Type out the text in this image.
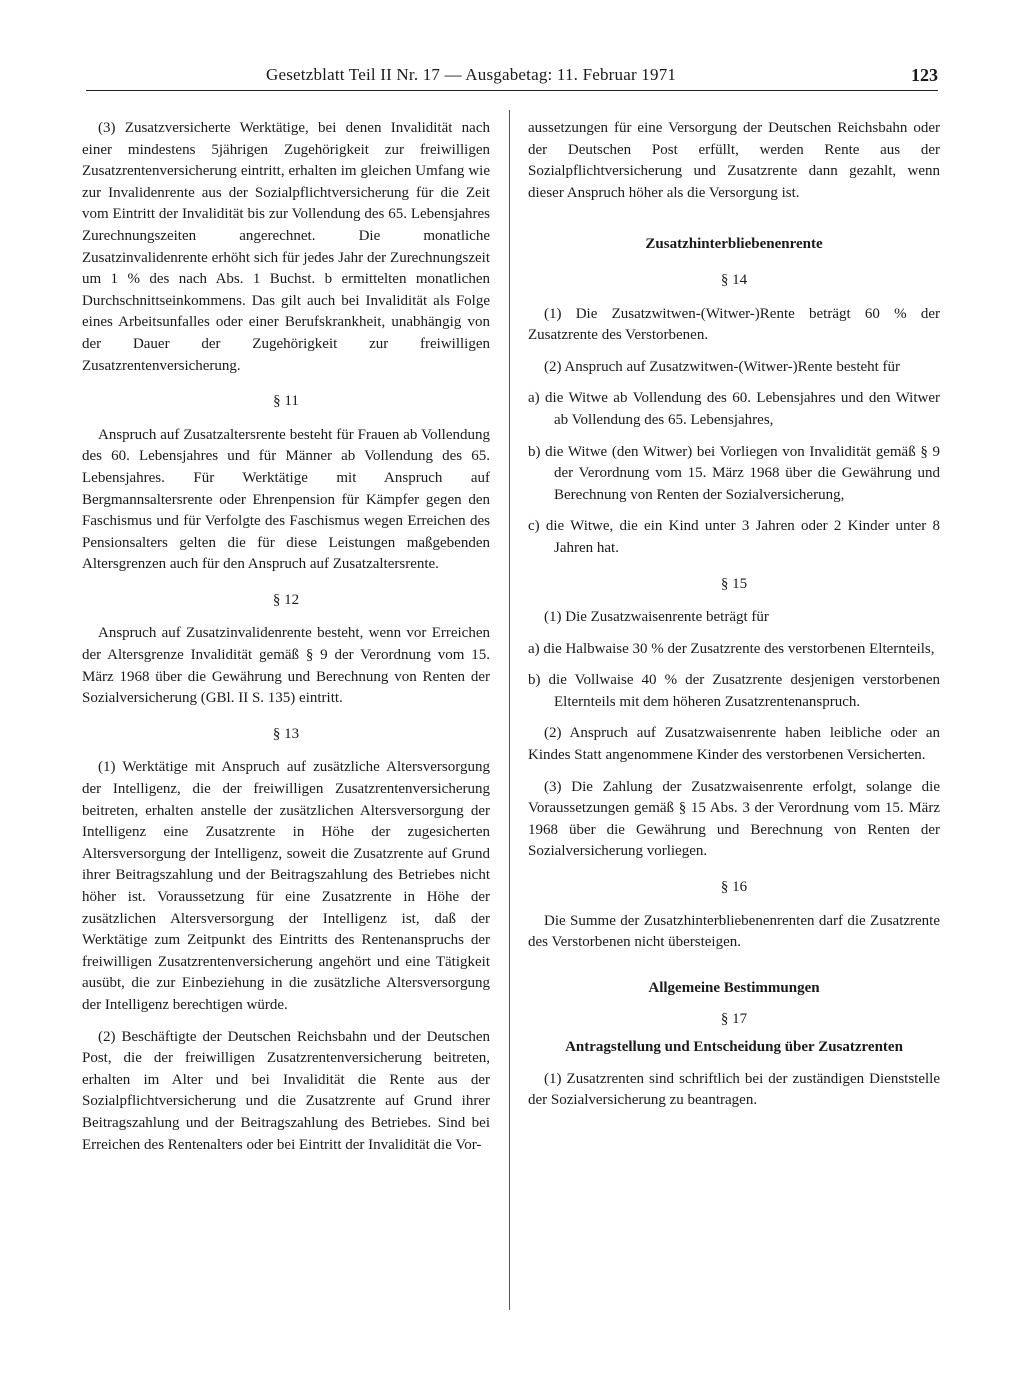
Gesetzblatt Teil II Nr. 17 — Ausgabetag: 11. Februar 1971	123

(3) Zusatzversicherte Werktätige, bei denen Invalidität nach einer mindestens 5jährigen Zugehörigkeit zur freiwilligen Zusatzrentenversicherung eintritt, erhalten im gleichen Umfang wie zur Invalidenrente aus der Sozialpflichtversicherung für die Zeit vom Eintritt der Invalidität bis zur Vollendung des 65. Lebensjahres Zurechnungszeiten angerechnet. Die monatliche Zusatzinvalidenrente erhöht sich für jedes Jahr der Zurechnungszeit um 1 % des nach Abs. 1 Buchst. b ermittelten monatlichen Durchschnittseinkommens. Das gilt auch bei Invalidität als Folge eines Arbeitsunfalles oder einer Berufskrankheit, unabhängig von der Dauer der Zugehörigkeit zur freiwilligen Zusatzrentenversicherung.

§ 11

Anspruch auf Zusatzaltersrente besteht für Frauen ab Vollendung des 60. Lebensjahres und für Männer ab Vollendung des 65. Lebensjahres. Für Werktätige mit Anspruch auf Bergmannsaltersrente oder Ehrenpension für Kämpfer gegen den Faschismus und für Verfolgte des Faschismus wegen Erreichen des Pensionsalters gelten die für diese Leistungen maßgebenden Altersgrenzen auch für den Anspruch auf Zusatzaltersrente.

§ 12

Anspruch auf Zusatzinvalidenrente besteht, wenn vor Erreichen der Altersgrenze Invalidität gemäß § 9 der Verordnung vom 15. März 1968 über die Gewährung und Berechnung von Renten der Sozialversicherung (GBl. II S. 135) eintritt.

§ 13

(1) Werktätige mit Anspruch auf zusätzliche Altersversorgung der Intelligenz, die der freiwilligen Zusatzrentenversicherung beitreten, erhalten anstelle der zusätzlichen Altersversorgung der Intelligenz eine Zusatzrente in Höhe der zugesicherten Altersversorgung der Intelligenz, soweit die Zusatzrente auf Grund ihrer Beitragszahlung und der Beitragszahlung des Betriebes nicht höher ist. Voraussetzung für eine Zusatzrente in Höhe der zusätzlichen Altersversorgung der Intelligenz ist, daß der Werktätige zum Zeitpunkt des Eintritts des Rentenanspruchs der freiwilligen Zusatzrentenversicherung angehört und eine Tätigkeit ausübt, die zur Einbeziehung in die zusätzliche Altersversorgung der Intelligenz berechtigen würde.

(2) Beschäftigte der Deutschen Reichsbahn und der Deutschen Post, die der freiwilligen Zusatzrentenversicherung beitreten, erhalten im Alter und bei Invalidität die Rente aus der Sozialpflichtversicherung und die Zusatzrente auf Grund ihrer Beitragszahlung und der Beitragszahlung des Betriebes. Sind bei Erreichen des Rentenalters oder bei Eintritt der Invalidität die Vor-

aussetzungen für eine Versorgung der Deutschen Reichsbahn oder der Deutschen Post erfüllt, werden Rente aus der Sozialpflichtversicherung und Zusatzrente dann gezahlt, wenn dieser Anspruch höher als die Versorgung ist.

Zusatzhinterbliebenenrente
§ 14

(1) Die Zusatzwitwen-(Witwer-)Rente beträgt 60 % der Zusatzrente des Verstorbenen.

(2) Anspruch auf Zusatzwitwen-(Witwer-)Rente besteht für

a) die Witwe ab Vollendung des 60. Lebensjahres und den Witwer ab Vollendung des 65. Lebensjahres,

b) die Witwe (den Witwer) bei Vorliegen von Invalidität gemäß § 9 der Verordnung vom 15. März 1968 über die Gewährung und Berechnung von Renten der Sozialversicherung,

c) die Witwe, die ein Kind unter 3 Jahren oder 2 Kinder unter 8 Jahren hat.

§ 15

(1) Die Zusatzwaisenrente beträgt für

a) die Halbwaise 30 % der Zusatzrente des verstorbenen Elternteils,

b) die Vollwaise 40 % der Zusatzrente desjenigen verstorbenen Elternteils mit dem höheren Zusatzrentenanspruch.

(2) Anspruch auf Zusatzwaisenrente haben leibliche oder an Kindes Statt angenommene Kinder des verstorbenen Versicherten.

(3) Die Zahlung der Zusatzwaisenrente erfolgt, solange die Voraussetzungen gemäß § 15 Abs. 3 der Verordnung vom 15. März 1968 über die Gewährung und Berechnung von Renten der Sozialversicherung vorliegen.

§ 16

Die Summe der Zusatzhinterbliebenenrenten darf die Zusatzrente des Verstorbenen nicht übersteigen.

Allgemeine Bestimmungen
§ 17
Antragstellung und Entscheidung über Zusatzrenten

(1) Zusatzrenten sind schriftlich bei der zuständigen Dienststelle der Sozialversicherung zu beantragen.
